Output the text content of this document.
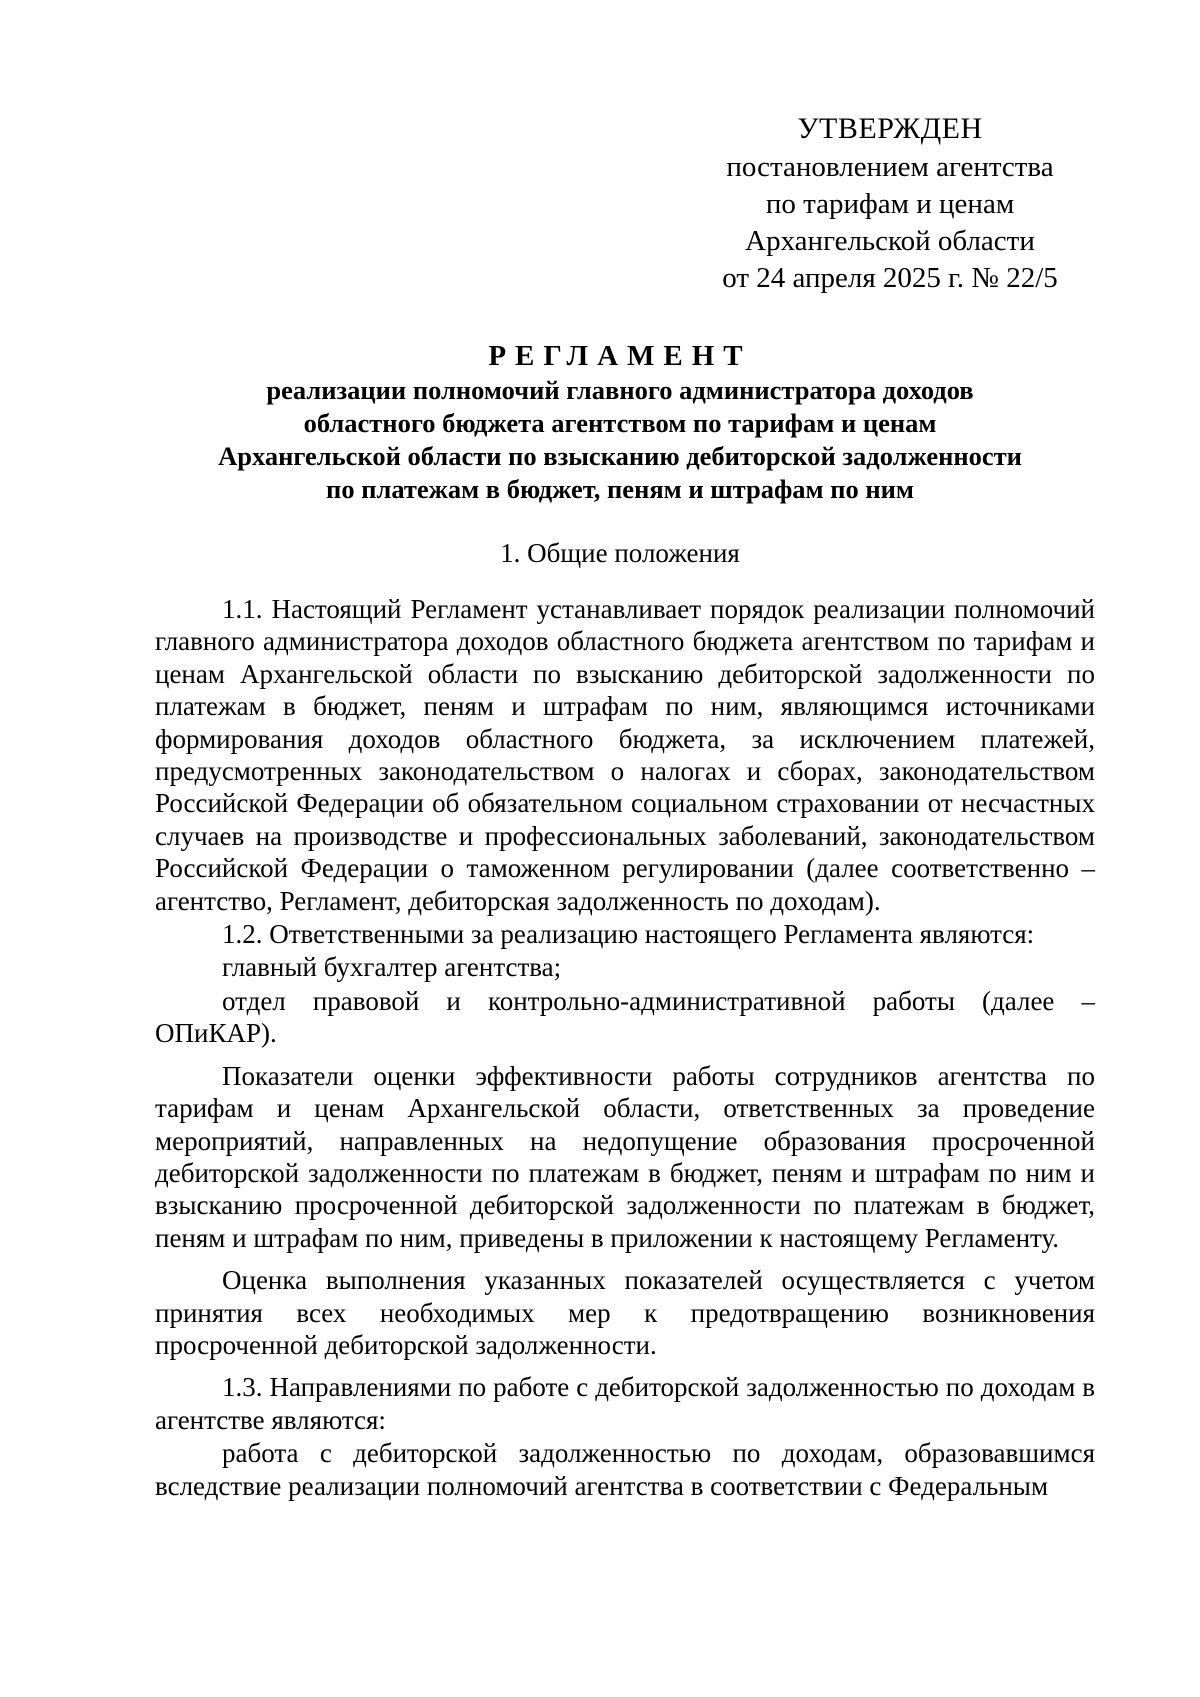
УТВЕРЖДЕН
постановлением агентства
по тарифам и ценам
Архангельской области
от 24 апреля 2025 г. № 22/5
РЕГЛАМЕНТ
реализации полномочий главного администратора доходов
областного бюджета агентством по тарифам и ценам
Архангельской области по взысканию дебиторской задолженности
по платежам в бюджет, пеням и штрафам по ним
1. Общие положения

1.1. Настоящий Регламент устанавливает порядок реализации полномочий главного администратора доходов областного бюджета агентством по тарифам и ценам Архангельской области по взысканию дебиторской задолженности по платежам в бюджет, пеням и штрафам по ним, являющимся источниками формирования доходов областного бюджета, за исключением платежей, предусмотренных законодательством о налогах и сборах, законодательством Российской Федерации об обязательном социальном страховании от несчастных случаев на производстве и профессиональных заболеваний, законодательством Российской Федерации о таможенном регулировании (далее соответственно – агентство, Регламент, дебиторская задолженность по доходам).

1.2. Ответственными за реализацию настоящего Регламента являются:

главный бухгалтер агентства;

отдел правовой и контрольно-административной работы (далее – ОПиКАР).

Показатели оценки эффективности работы сотрудников агентства по тарифам и ценам Архангельской области, ответственных за проведение мероприятий, направленных на недопущение образования просроченной дебиторской задолженности по платежам в бюджет, пеням и штрафам по ним и взысканию просроченной дебиторской задолженности по платежам в бюджет, пеням и штрафам по ним, приведены в приложении к настоящему Регламенту.

Оценка выполнения указанных показателей осуществляется с учетом принятия всех необходимых мер к предотвращению возникновения просроченной дебиторской задолженности.

1.3. Направлениями по работе с дебиторской задолженностью по доходам в агентстве являются:

работа с дебиторской задолженностью по доходам, образовавшимся вследствие реализации полномочий агентства в соответствии с Федеральным
